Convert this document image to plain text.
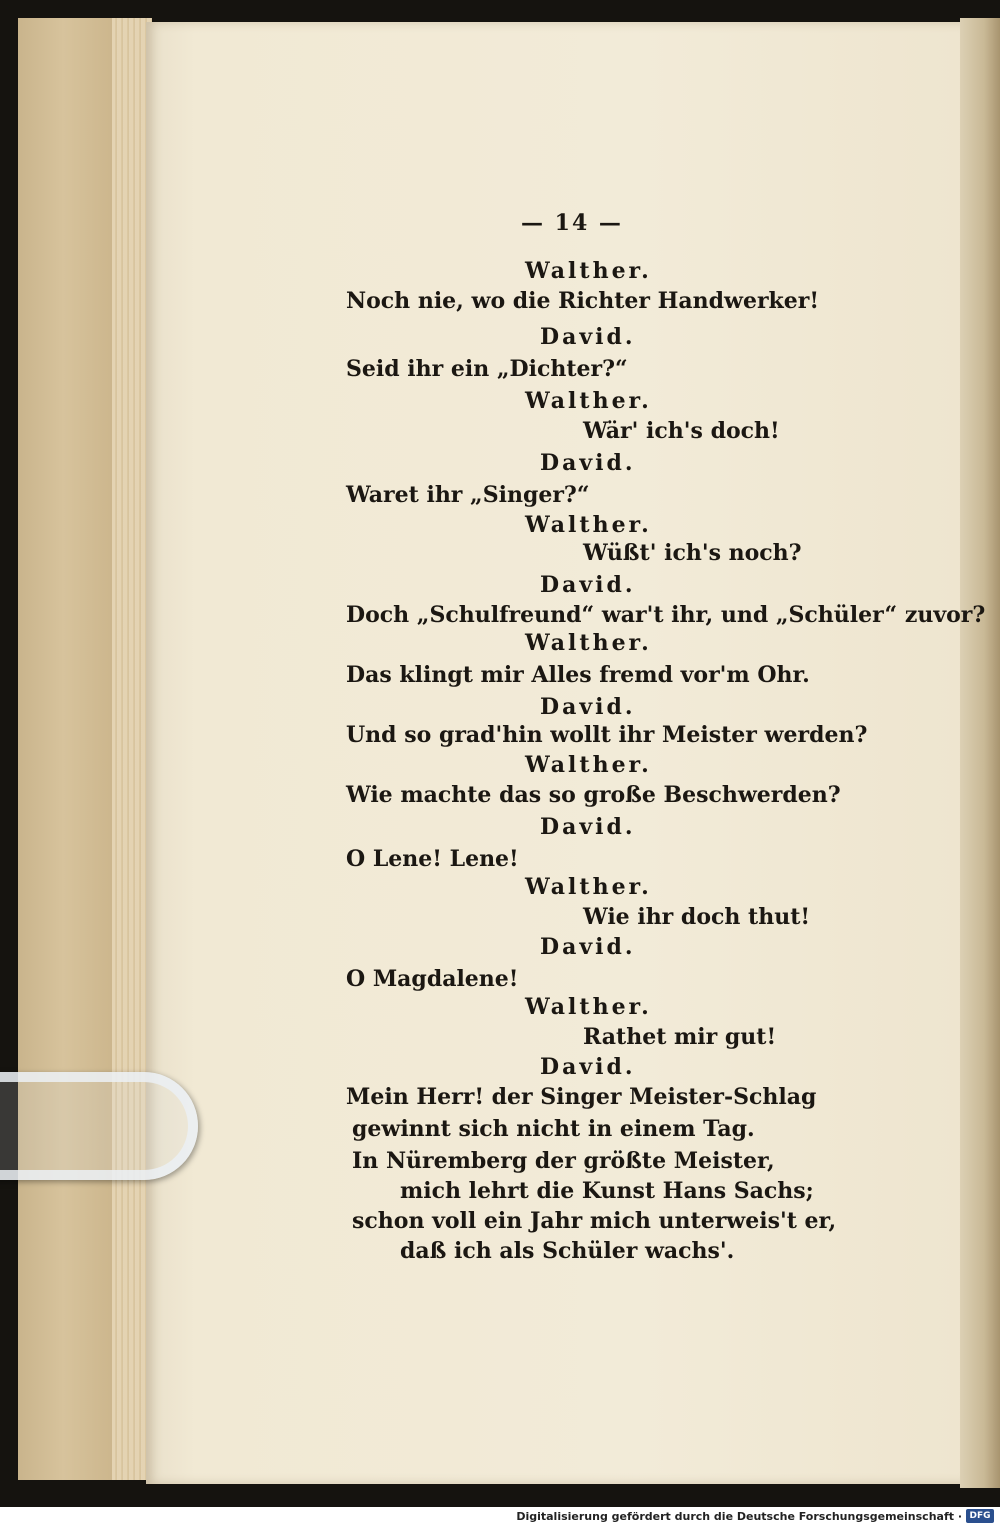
— 14 —
Walther.
Noch nie, wo die Richter Handwerker!
David.
Seid ihr ein „Dichter?“
Walther.
Wär' ich's doch!
David.
Waret ihr „Singer?“
Walther.
Wüßt' ich's noch?
David.
Doch „Schulfreund“ war't ihr, und „Schüler“ zuvor?
Walther.
Das klingt mir Alles fremd vor'm Ohr.
David.
Und so grad'hin wollt ihr Meister werden?
Walther.
Wie machte das so große Beschwerden?
David.
O Lene! Lene!
Walther.
Wie ihr doch thut!
David.
O Magdalene!
Walther.
Rathet mir gut!
David.
Mein Herr! der Singer Meister-Schlag
gewinnt sich nicht in einem Tag.
In Nüremberg der größte Meister,
mich lehrt die Kunst Hans Sachs;
schon voll ein Jahr mich unterweis't er,
daß ich als Schüler wachs'.
Digitalisierung gefördert durch die Deutsche Forschungsgemeinschaft · DFG
